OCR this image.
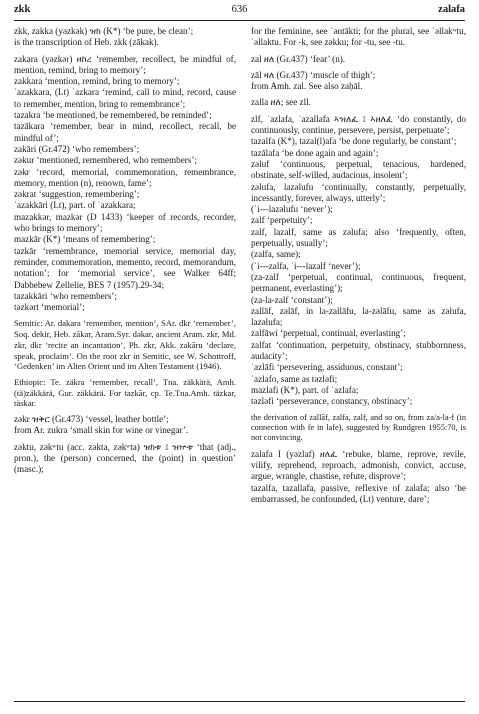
zkk	636	zalafa

zkk, zakka (yəzkək) ዝክ (K*) ‘be pure, be clean’;

is the transcription of Heb. zkk (zākak).

zakara (yəzkər) ዘከረ ‘remember, recollect, be mindful of, mention, remind, bring to memory’;

zakkara ‘mention, remind, bring to memory’;

ʾazakkara, (Lt) ʾazkara ‘remind, call to mind, record, cause to remember, mention, bring to remembrance’;

tazakra ‘be mentioned, be remembered, be reminded’;

tazākara ‘remember, bear in mind, recollect, recall, be mindful of’;

zakāri (Gr.472) ‘who remembers’;

zəkur ‘mentioned, remembered, who remembers’;

zəkr ‘record, memorial, commemoration, remembrance, memory, mention (n), renown, fame’;

zəkrat ‘suggestion, remembering’;

ʾazakkāri (Lt), part. of ʾazakkara;

mazakkər, mazkər (D 1433) ‘keeper of records, recorder, who brings to memory’;

mazkār (K*) ‘means of remembering’;

tazkār ‘remembrance, memorial service, memorial day, reminder, commemoration, memento, record, memorandum, notation’; for ‘memorial service’, see Walker 64ff; Dabbebew Zellelie, BES 7 (1957).29-34;

tazakkāri ‘who remembers’;

təzkərt ‘memorial’;

Semitic: Ar. dakara ‘remember, mention’, SAr. dkr ‘remember’, Soq. dekir, Heb. zākar, Aram.Syr. dəkar, ancient Aram. zkr, Md. zkr, dkr ‘recite an incantation’, Ph. zkr, Akk. zakāru ‘declare, speak, proclaim’. On the root zkr in Semitic, see W. Schottroff, ‘Gedenken’ im Alten Orient und im Alten Testament (1946).

Ethiopic: Te. zäkra ‘remember, recall’, Tna. zäkkärä, Amh. (tä)zäkkärä, Gur. zäkkärä. For tazkār, cp. Te.Tna.Amh. täzkar, täskar.

zəkr ዝቅር (Gr.473) ‘vessel, leather bottle’;

from Ar. zukra ‘small skin for wine or vinegar’.

zəktu, zəkʷtu (acc. zəkta, zəkʷta) ዝክቱ ፤ ዝኵቱ ‘that (adj., pron.), the (person) concerned, the (point) in question’ (masc.);

for the feminine, see ʾəntākti; for the plural, see ʾəllakʷtu, ʾəllaktu. For -k, see zəkku; for -tu, see -tu.

zal ዘለ (Gr.437) ‘fear’ (n).

zāl ዛለ (Gr.437) ‘muscle of thigh’;

from Amh. zal. See also zaḥāl.

zalla ዘለ; see zll.

zlf, ʾazlafa, ʾazallafa ኣዝለፈ ፤ ኣዘለፈ ‘do constantly, do continuously, continue, persevere, persist, perpetuate’;

tazalfa (K*), tazal(l)afa ‘be done regularly, be constant’;

tazālafa ‘be done again and again’;

zəluf ‘continuous, perpetual, tenacious, hardened, obstinate, self-willed, audacious, insolent’;

zəlufa, lazəlufu ‘continually, constantly, perpetually, incessantly, forever, always, utterly’;

(ʾi---lazəlufu ‘never’);

zalf ‘perpetuity’;

zalf, lazalf, same as zəlufa; also ‘frequently, often, perpetually, usually’;

(zalfa, same);

(ʾi---zalfa, ʾi---lazalf ‘never’);

(za-zalf ‘perpetual, continual, continuous, frequent, permanent, everlasting’);

(za-la-zalf ‘constant’);

zallāf, zəlāf, in la-zallāfu, la-zəlāfu, same as zəlufa, lazəlufa;

zalfāwi ‘perpetual, continual, everlasting’;

zalfat ‘continuation, perpetuity, obstinacy, stubbornness, audacity’;

ʾazlāfi ‘persevering, assiduous, constant’;

ʾazlafo, same as təzləfi;

mazlafi (K*), part. of ʾazlafa;

təzləfi ‘perseverance, constancy, obstinacy’;

the derivation of zallāf, zalfa, zalf, and so on, from za/a-la-f (in connection with fe in lafe), suggested by Rundgren 1955:70, is not convincing.

zalafa I (yəzlaf) ዘለፈ ‘rebuke, blame, reprove, revile, vilify, reprehend, reproach, admonish, convict, accuse, argue, wrangle, chastise, refute, disprove’;

tazalfa, tazallafa, passive, reflexive of zalafa; also ‘be embarrassed, be confounded, (Lt) venture, dare’;
